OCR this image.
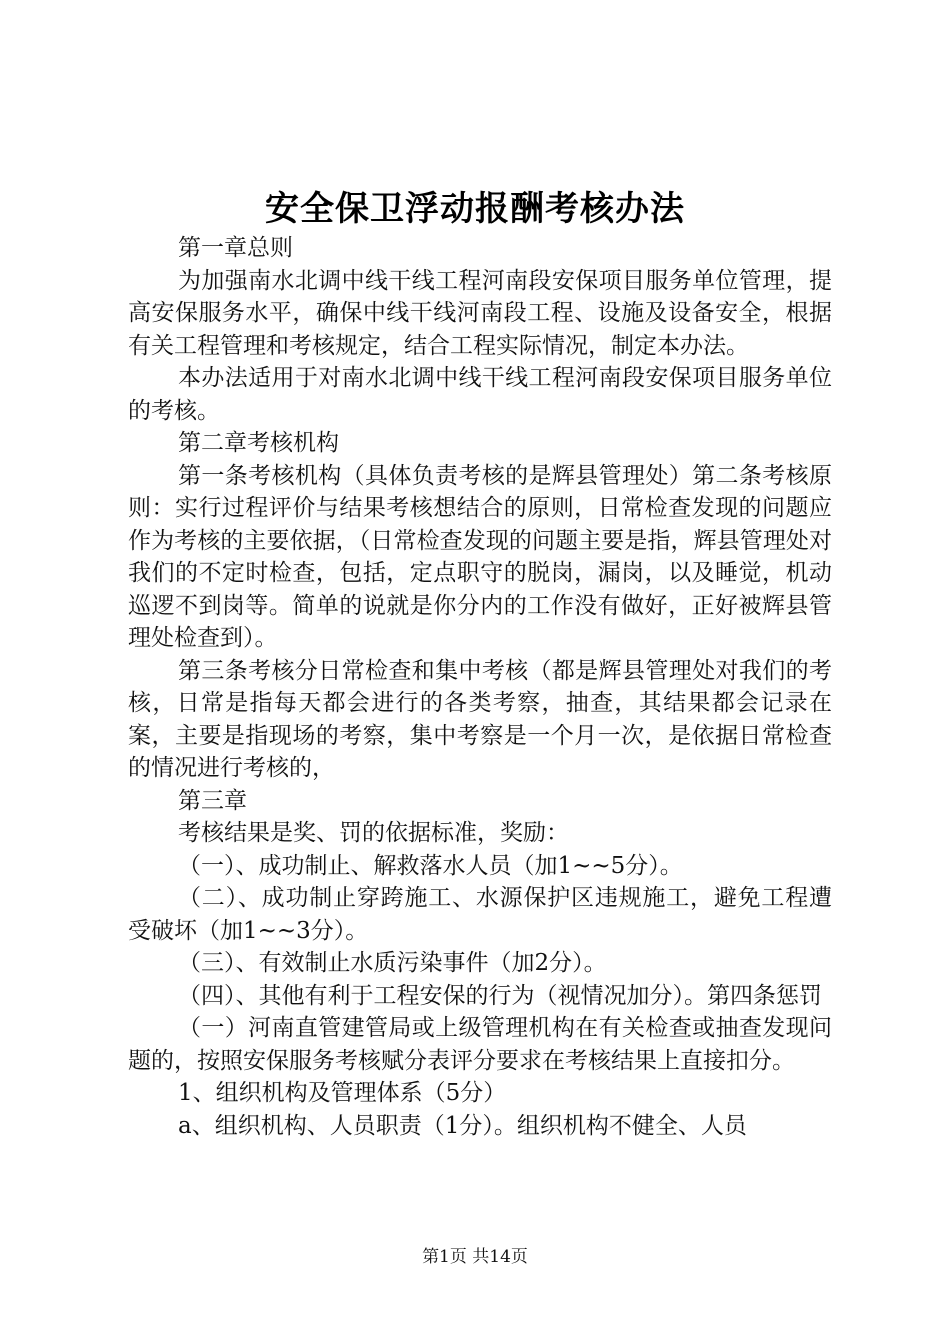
安全保卫浮动报酬考核办法

第一章总则

为加强南水北调中线干线工程河南段安保项目服务单位管理，提高安保服务水平，确保中线干线河南段工程、设施及设备安全，根据有关工程管理和考核规定，结合工程实际情况，制定本办法。

本办法适用于对南水北调中线干线工程河南段安保项目服务单位的考核。

第二章考核机构

第一条考核机构（具体负责考核的是辉县管理处）第二条考核原则：实行过程评价与结果考核想结合的原则，日常检查发现的问题应作为考核的主要依据，（日常检查发现的问题主要是指，辉县管理处对我们的不定时检查，包括，定点职守的脱岗，漏岗，以及睡觉，机动巡逻不到岗等。简单的说就是你分内的工作没有做好，正好被辉县管理处检查到）。

第三条考核分日常检查和集中考核（都是辉县管理处对我们的考核，日常是指每天都会进行的各类考察，抽查，其结果都会记录在案，主要是指现场的考察，集中考察是一个月一次，是依据日常检查的情况进行考核的，

第三章

考核结果是奖、罚的依据标准，奖励：

（一）、成功制止、解救落水人员（加1~~5分）。

（二）、成功制止穿跨施工、水源保护区违规施工，避免工程遭受破坏（加1~~3分）。

（三）、有效制止水质污染事件（加2分）。

（四）、其他有利于工程安保的行为（视情况加分）。第四条惩罚

（一）河南直管建管局或上级管理机构在有关检查或抽查发现问题的，按照安保服务考核赋分表评分要求在考核结果上直接扣分。

1、组织机构及管理体系（5分）

a、组织机构、人员职责（1分）。组织机构不健全、人员

第1页 共14页
